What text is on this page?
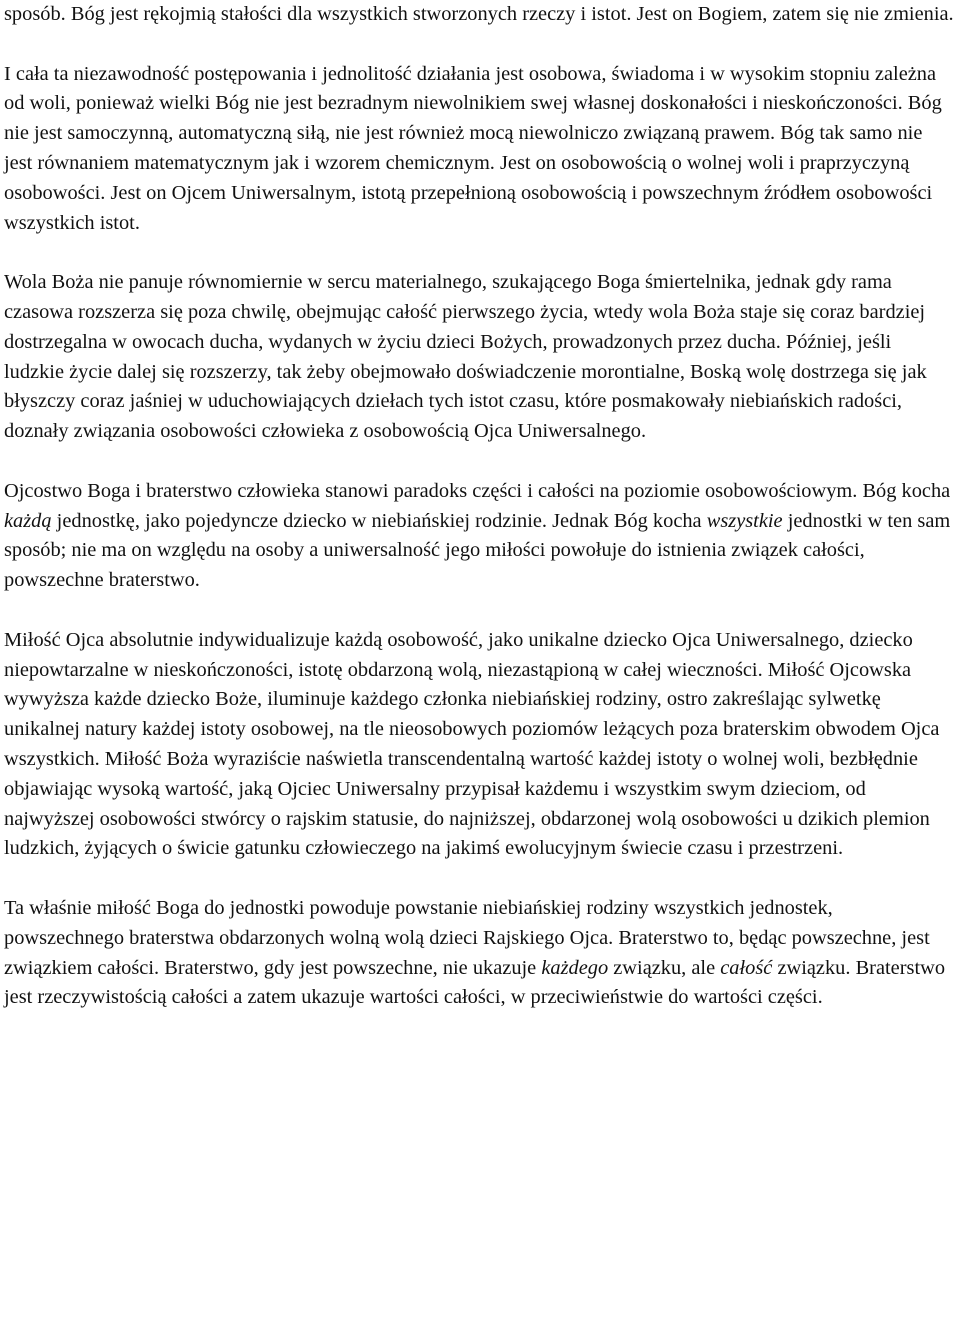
sposób. Bóg jest rękojmią stałości dla wszystkich stworzonych rzeczy i istot. Jest on Bogiem, zatem się nie zmienia.

I cała ta niezawodność postępowania i jednolitość działania jest osobowa, świadoma i w wysokim stopniu zależna od woli, ponieważ wielki Bóg nie jest bezradnym niewolnikiem swej własnej doskonałości i nieskończoności. Bóg nie jest samoczynną, automatyczną siłą, nie jest również mocą niewolniczo związaną prawem. Bóg tak samo nie jest równaniem matematycznym jak i wzorem chemicznym. Jest on osobowością o wolnej woli i praprzyczyną osobowości. Jest on Ojcem Uniwersalnym, istotą przepełnioną osobowością i powszechnym źródłem osobowości wszystkich istot.

Wola Boża nie panuje równomiernie w sercu materialnego, szukającego Boga śmiertelnika, jednak gdy rama czasowa rozszerza się poza chwilę, obejmując całość pierwszego życia, wtedy wola Boża staje się coraz bardziej dostrzegalna w owocach ducha, wydanych w życiu dzieci Bożych, prowadzonych przez ducha. Później, jeśli ludzkie życie dalej się rozszerzy, tak żeby obejmowało doświadczenie morontialne, Boską wolę dostrzega się jak błyszczy coraz jaśniej w uduchowiających dziełach tych istot czasu, które posmakowały niebiańskich radości, doznały związania osobowości człowieka z osobowością Ojca Uniwersalnego.

Ojcostwo Boga i braterstwo człowieka stanowi paradoks części i całości na poziomie osobowościowym. Bóg kocha każdą jednostkę, jako pojedyncze dziecko w niebiańskiej rodzinie. Jednak Bóg kocha wszystkie jednostki w ten sam sposób; nie ma on względu na osoby a uniwersalność jego miłości powołuje do istnienia związek całości, powszechne braterstwo.

Miłość Ojca absolutnie indywidualizuje każdą osobowość, jako unikalne dziecko Ojca Uniwersalnego, dziecko niepowtarzalne w nieskończoności, istotę obdarzoną wolą, niezastąpioną w całej wieczności. Miłość Ojcowska wywyższa każde dziecko Boże, iluminuje każdego członka niebiańskiej rodziny, ostro zakreślając sylwetkę unikalnej natury każdej istoty osobowej, na tle nieosobowych poziomów leżących poza braterskim obwodem Ojca wszystkich. Miłość Boża wyraziście naświetla transcendentalną wartość każdej istoty o wolnej woli, bezbłędnie objawiając wysoką wartość, jaką Ojciec Uniwersalny przypisał każdemu i wszystkim swym dzieciom, od najwyższej osobowości stwórcy o rajskim statusie, do najniższej, obdarzonej wolą osobowości u dzikich plemion ludzkich, żyjących o świcie gatunku człowieczego na jakimś ewolucyjnym świecie czasu i przestrzeni.

Ta właśnie miłość Boga do jednostki powoduje powstanie niebiańskiej rodziny wszystkich jednostek, powszechnego braterstwa obdarzonych wolną wolą dzieci Rajskiego Ojca. Braterstwo to, będąc powszechne, jest związkiem całości. Braterstwo, gdy jest powszechne, nie ukazuje każdego związku, ale całość związku. Braterstwo jest rzeczywistością całości a zatem ukazuje wartości całości, w przeciwieństwie do wartości części.
